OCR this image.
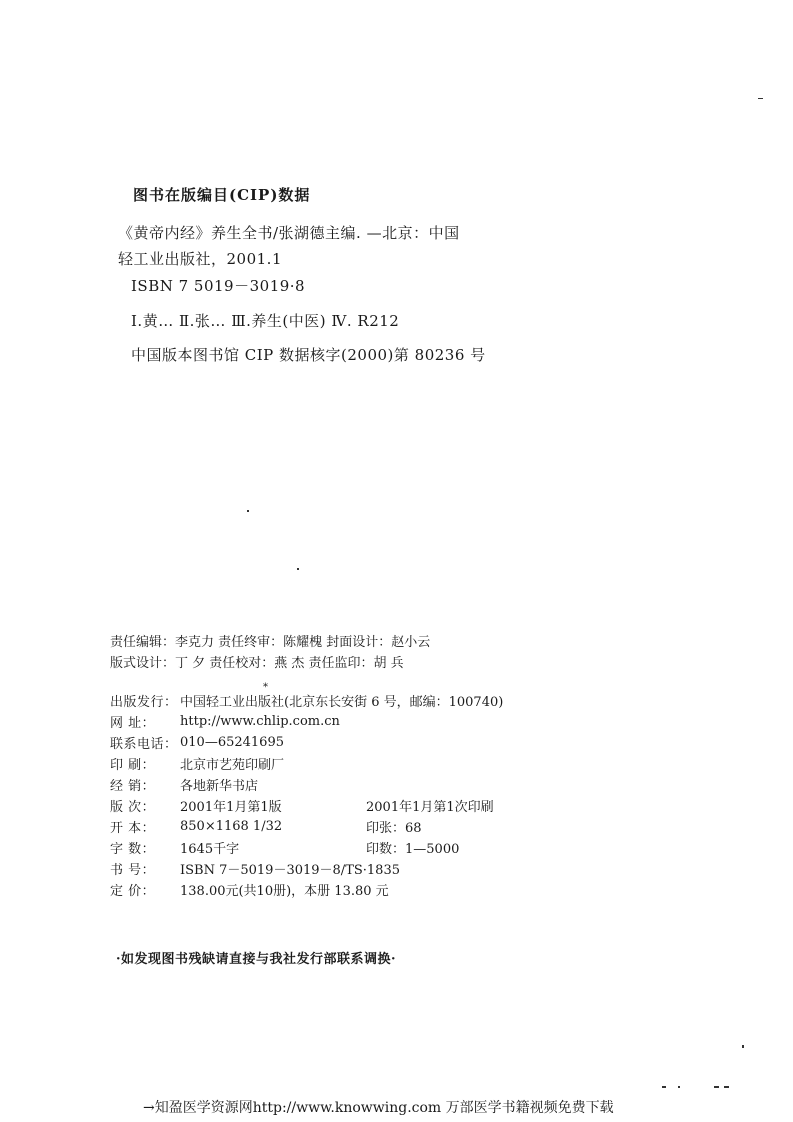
图书在版编目(CIP)数据
《黄帝内经》养生全书/张湖德主编. —北京：中国
轻工业出版社，2001.1
ISBN 7 5019－3019·8
Ⅰ.黄… Ⅱ.张… Ⅲ.养生(中医) Ⅳ. R212
中国版本图书馆 CIP 数据核字(2000)第 80236 号
责任编辑：李克力 责任终审：陈耀槐 封面设计：赵小云
版式设计：丁 夕 责任校对：燕 杰 责任监印：胡 兵
出版发行： 中国轻工业出版社(北京东长安街 6 号，邮编：100740)
网 址：	http://www.chlip.com.cn
联系电话： 010—65241695
印 刷：	北京市艺苑印刷厂
经 销：	各地新华书店
版 次：	2001年1月第1版	2001年1月第1次印刷
开 本：	850×1168 1/32	印张：68
字 数：	1645千字	印数：1—5000
书 号：	ISBN 7－5019－3019－8/TS·1835
定 价：	138.00元(共10册)，本册 13.80 元
*
·如发现图书残缺请直接与我社发行部联系调换·
→知盈医学资源网http://www.knowwing.com 万部医学书籍视频免费下载
